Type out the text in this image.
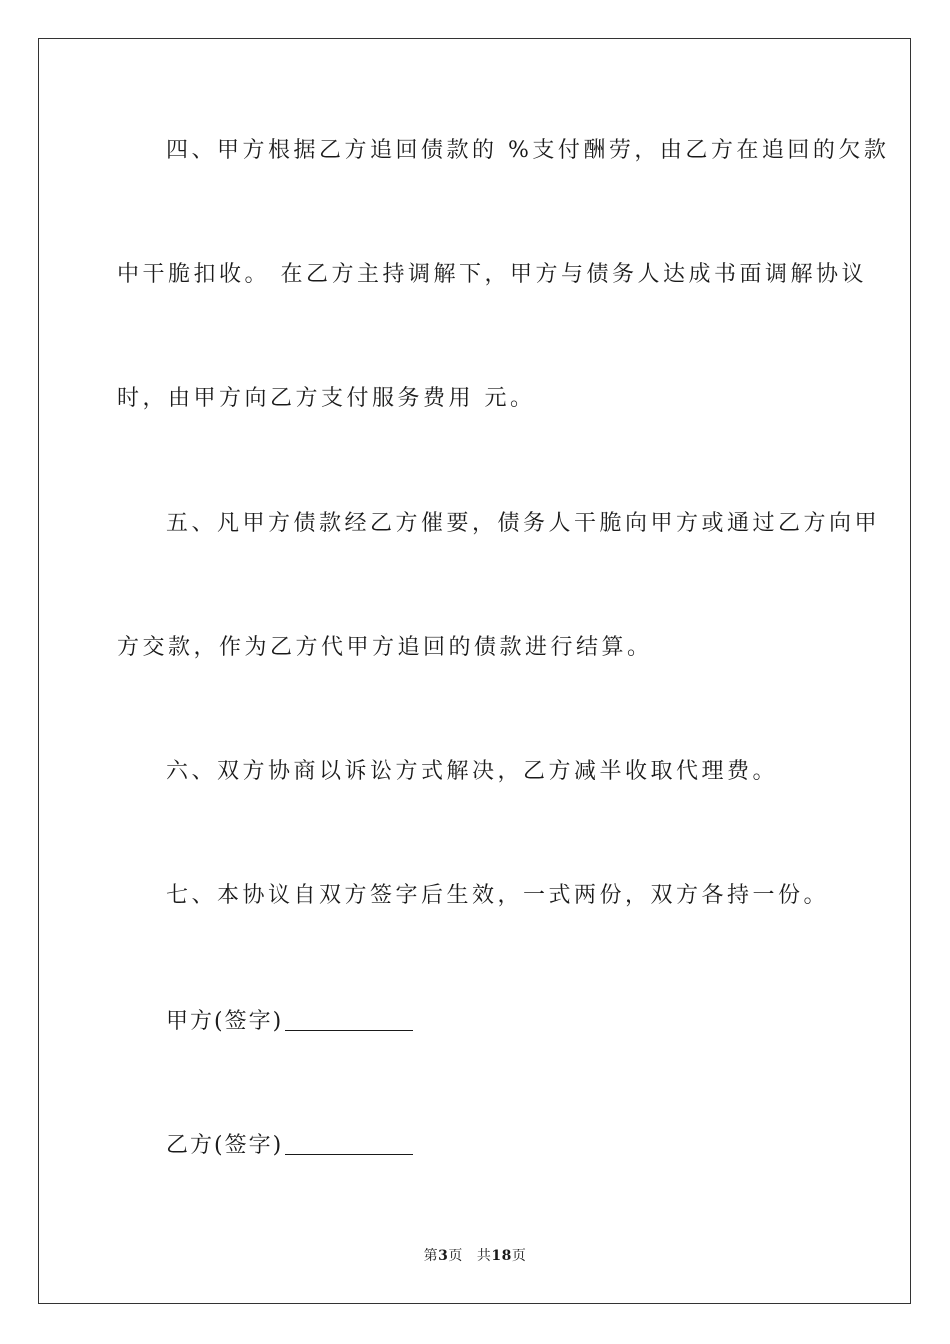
四、甲方根据乙方追回债款的 %支付酬劳，由乙方在追回的欠款
中干脆扣收。 在乙方主持调解下，甲方与债务人达成书面调解协议
时，由甲方向乙方支付服务费用 元。
五、凡甲方债款经乙方催要，债务人干脆向甲方或通过乙方向甲
方交款，作为乙方代甲方追回的债款进行结算。
六、双方协商以诉讼方式解决，乙方减半收取代理费。
七、本协议自双方签字后生效，一式两份，双方各持一份。
甲方(签字)
乙方(签字)
第3页 共18页
